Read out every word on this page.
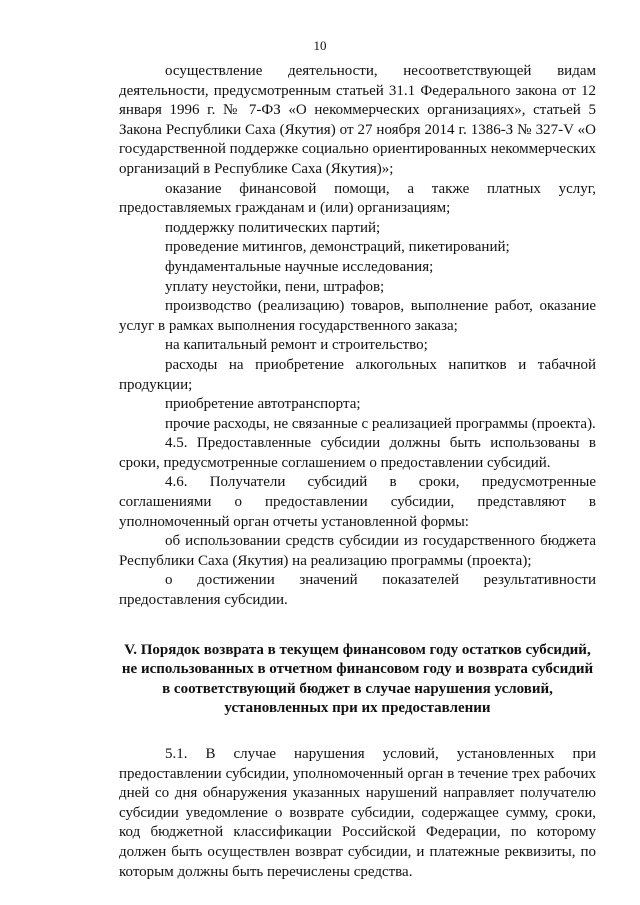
10

осуществление деятельности, несоответствующей видам деятельности, предусмотренным статьей 31.1 Федерального закона от 12 января 1996 г. № 7-ФЗ «О некоммерческих организациях», статьей 5 Закона Республики Саха (Якутия) от 27 ноября 2014 г. 1386-З № 327-V «О государственной поддержке социально ориентированных некоммерческих организаций в Республике Саха (Якутия)»;

оказание финансовой помощи, а также платных услуг, предоставляемых гражданам и (или) организациям;

поддержку политических партий;

проведение митингов, демонстраций, пикетирований;

фундаментальные научные исследования;

уплату неустойки, пени, штрафов;

производство (реализацию) товаров, выполнение работ, оказание услуг в рамках выполнения государственного заказа;

на капитальный ремонт и строительство;

расходы на приобретение алкогольных напитков и табачной продукции;

приобретение автотранспорта;

прочие расходы, не связанные с реализацией программы (проекта).

4.5. Предоставленные субсидии должны быть использованы в сроки, предусмотренные соглашением о предоставлении субсидий.

4.6. Получатели субсидий в сроки, предусмотренные соглашениями о предоставлении субсидии, представляют в уполномоченный орган отчеты установленной формы:

об использовании средств субсидии из государственного бюджета Республики Саха (Якутия) на реализацию программы (проекта);

о достижении значений показателей результативности предоставления субсидии.

V. Порядок возврата в текущем финансовом году остатков субсидий,
не использованных в отчетном финансовом году и возврата субсидий
в соответствующий бюджет в случае нарушения условий,
установленных при их предоставлении

5.1. В случае нарушения условий, установленных при предоставлении субсидии, уполномоченный орган в течение трех рабочих дней со дня обнаружения указанных нарушений направляет получателю субсидии уведомление о возврате субсидии, содержащее сумму, сроки, код бюджетной классификации Российской Федерации, по которому должен быть осуществлен возврат субсидии, и платежные реквизиты, по которым должны быть перечислены средства.
